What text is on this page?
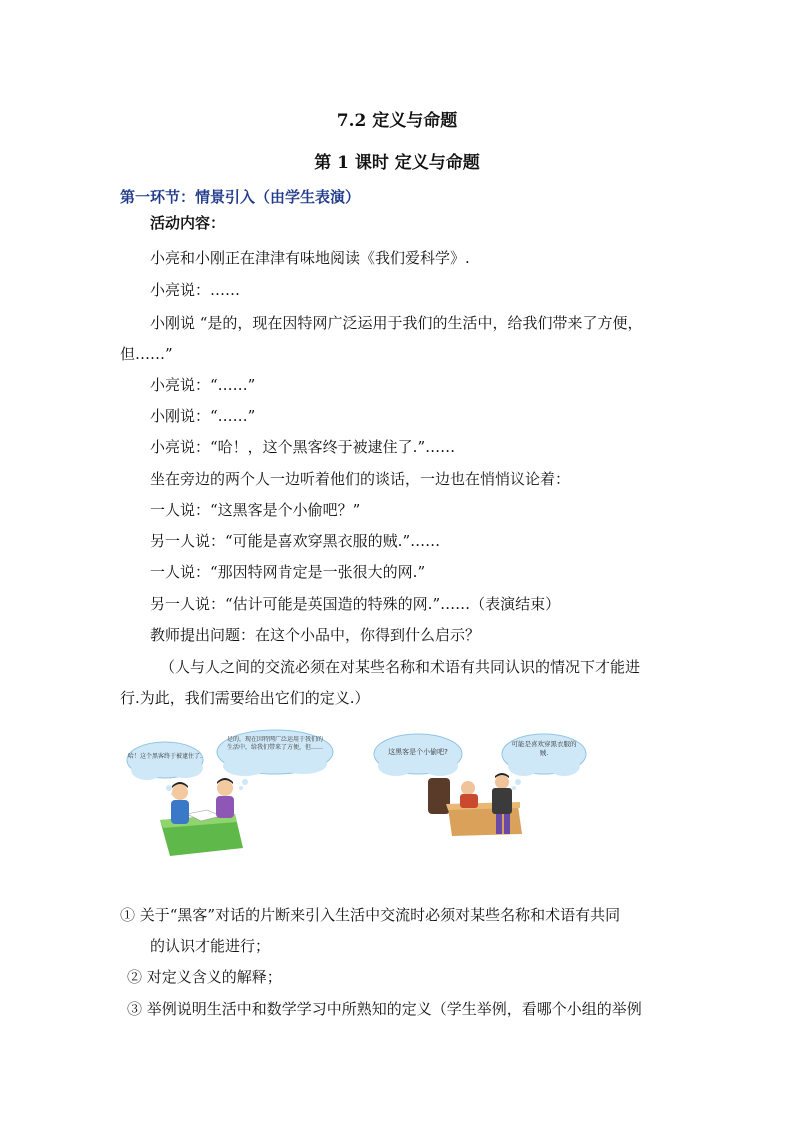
7.2 定义与命题
第 1 课时 定义与命题
第一环节：情景引入（由学生表演）
活动内容：
小亮和小刚正在津津有味地阅读《我们爱科学》.
小亮说：……
小刚说 “是的，现在因特网广泛运用于我们的生活中，给我们带来了方便，
但……”
小亮说：“……”
小刚说：“……”
小亮说：“哈！，这个黑客终于被逮住了.”……
坐在旁边的两个人一边听着他们的谈话，一边也在悄悄议论着：
一人说：“这黑客是个小偷吧？”
另一人说：“可能是喜欢穿黑衣服的贼.”……
一人说：“那因特网肯定是一张很大的网.”
另一人说：“估计可能是英国造的特殊的网.”……（表演结束）
教师提出问题：在这个小品中，你得到什么启示？
（人与人之间的交流必须在对某些名称和术语有共同认识的情况下才能进
行.为此，我们需要给出它们的定义.）
哈！这个黑客终于被逮住了.
是的，现在因特网广泛运用于我们的生活中，给我们带来了方便，但……
这黑客是个小偷吧?
可能是喜欢穿黑衣服的贼.
① 关于“黑客”对话的片断来引入生活中交流时必须对某些名称和术语有共同
的认识才能进行；
② 对定义含义的解释；
③ 举例说明生活中和数学学习中所熟知的定义（学生举例，看哪个小组的举例
